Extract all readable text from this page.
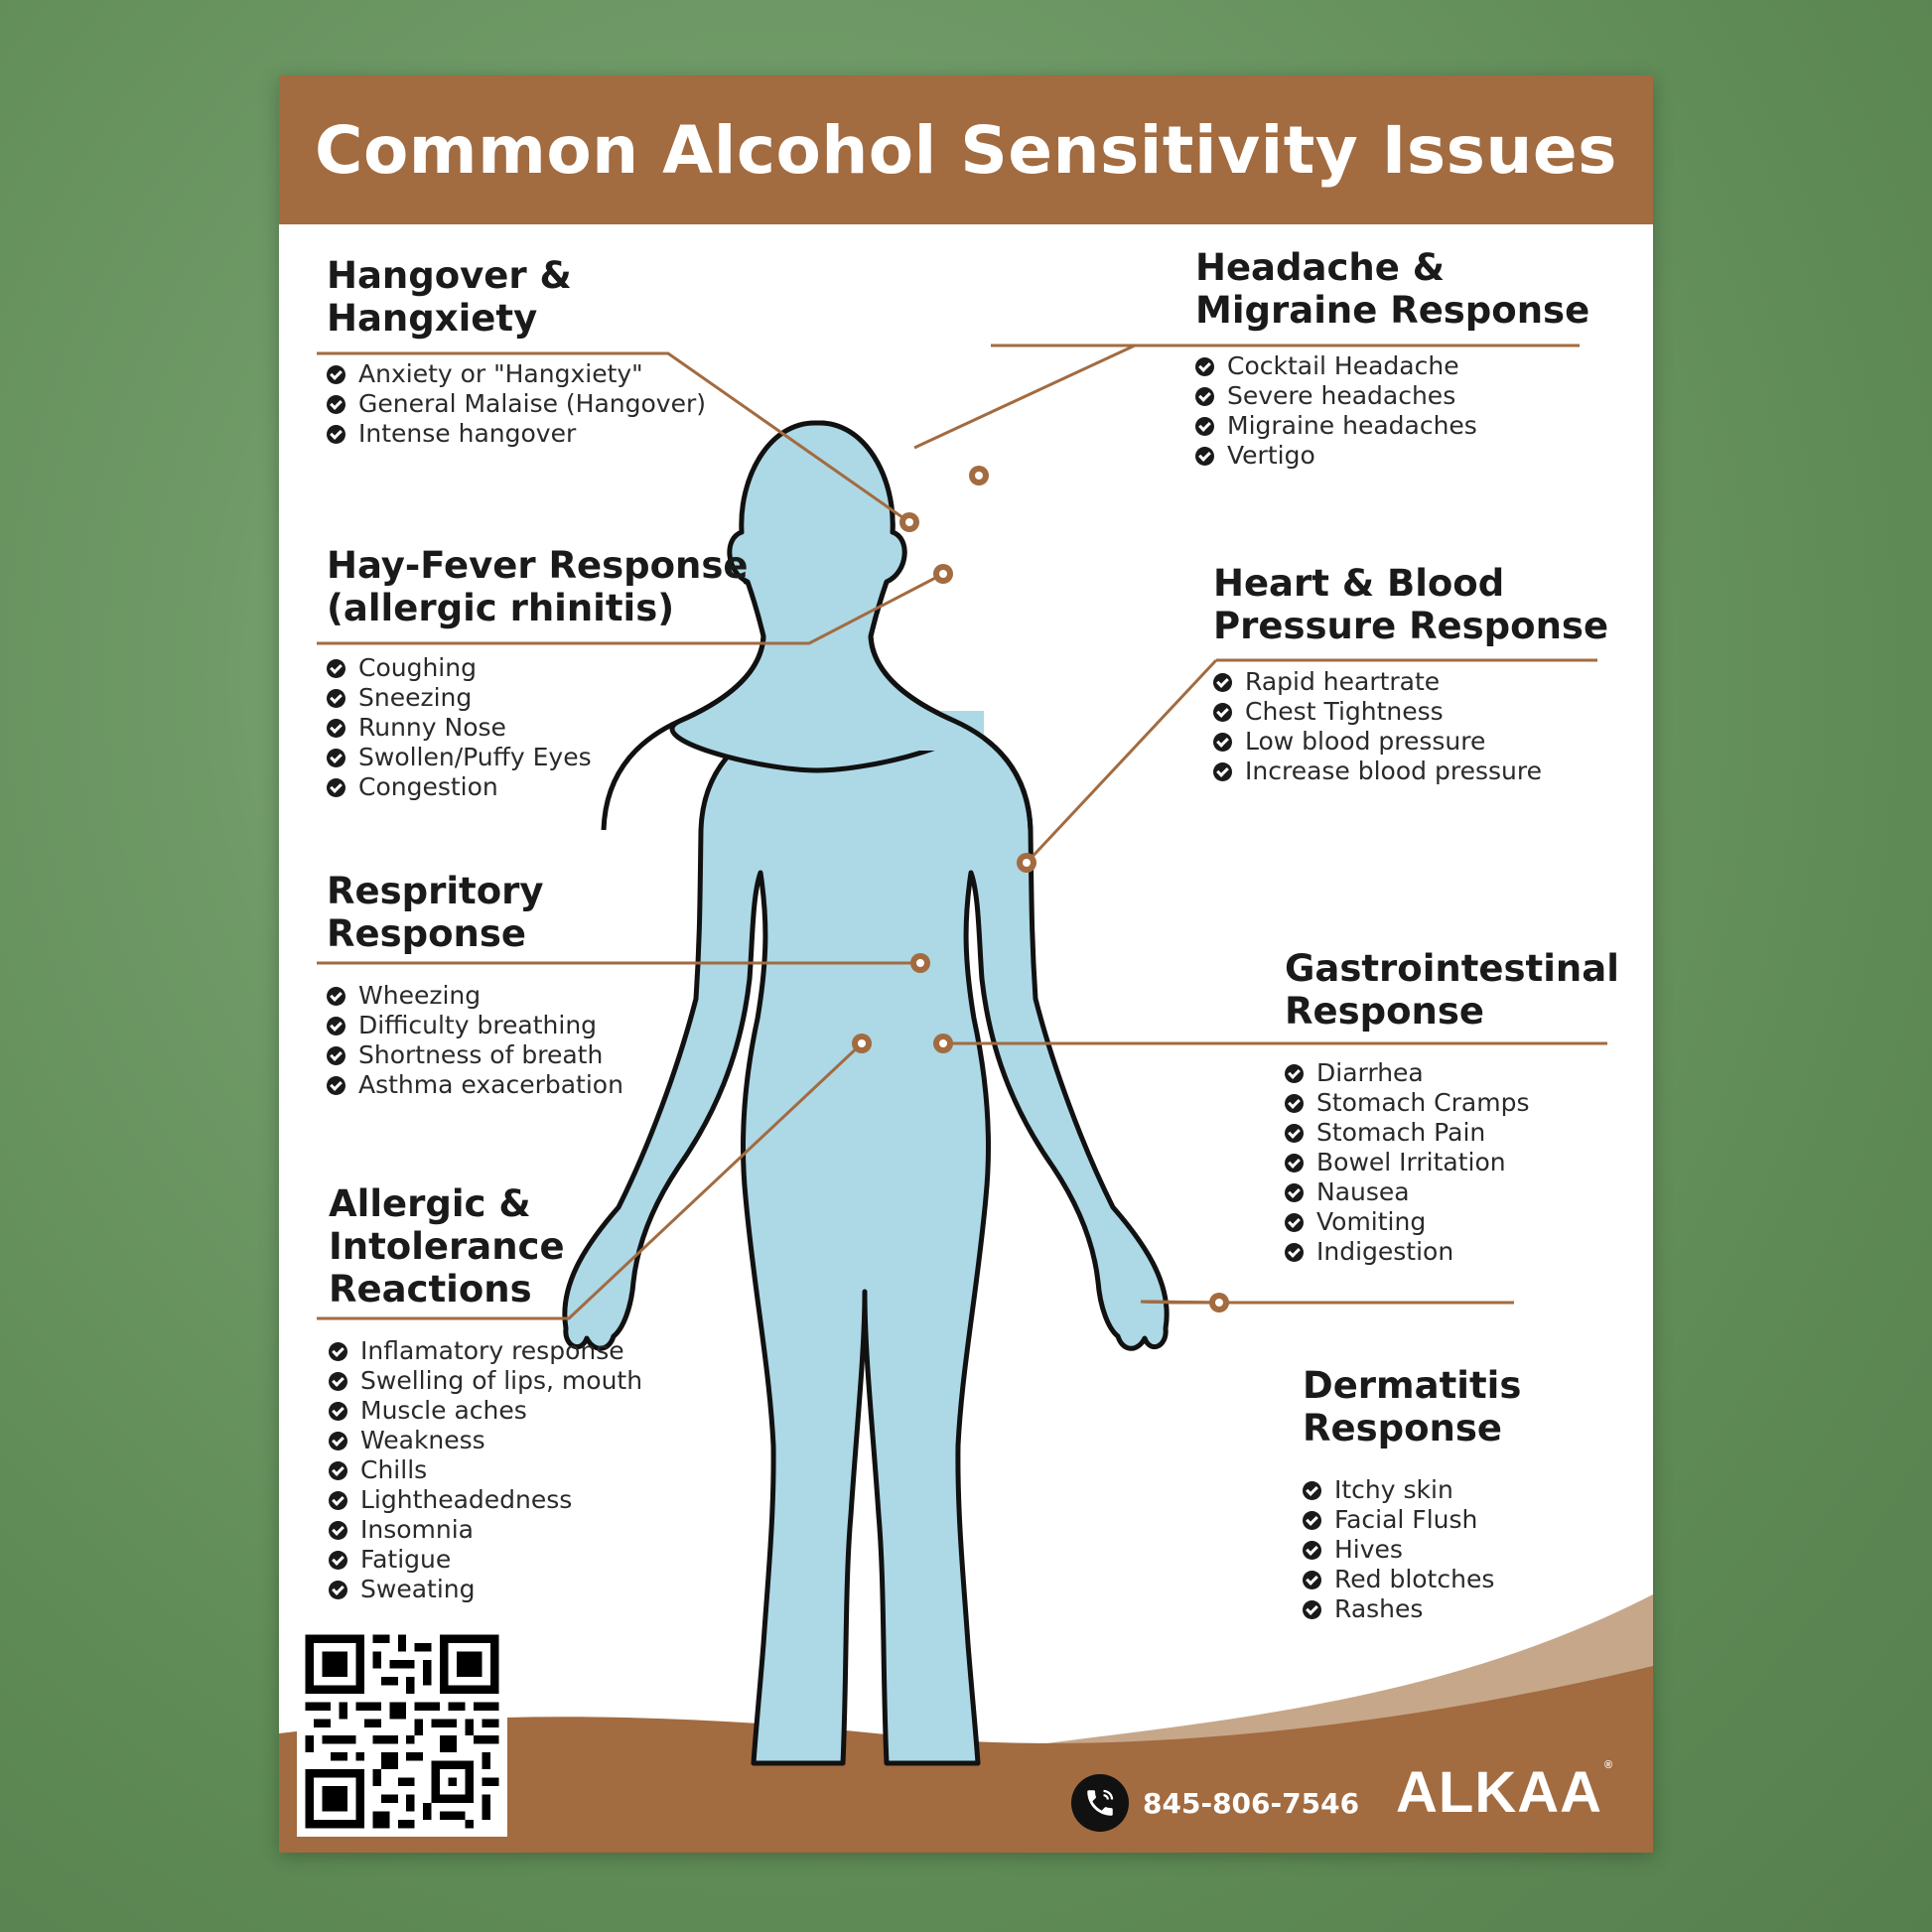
Common Alcohol Sensitivity Issues
Hangover &
Hangxiety
Anxiety or "Hangxiety"
General Malaise (Hangover)
Intense hangover
Hay-Fever Response
(allergic rhinitis)
Coughing
Sneezing
Runny Nose
Swollen/Puffy Eyes
Congestion
Respritory
Response
Wheezing
Difficulty breathing
Shortness of breath
Asthma exacerbation
Allergic &
Intolerance
Reactions
Inflamatory response
Swelling of lips, mouth
Muscle aches
Weakness
Chills
Lightheadedness
Insomnia
Fatigue
Sweating
Headache &
Migraine Response
Cocktail Headache
Severe headaches
Migraine headaches
Vertigo
Heart & Blood
Pressure Response
Rapid heartrate
Chest Tightness
Low blood pressure
Increase blood pressure
Gastrointestinal
Response
Diarrhea
Stomach Cramps
Stomach Pain
Bowel Irritation
Nausea
Vomiting
Indigestion
Dermatitis
Response
Itchy skin
Facial Flush
Hives
Red blotches
Rashes
845-806-7546 ALKAA ®
